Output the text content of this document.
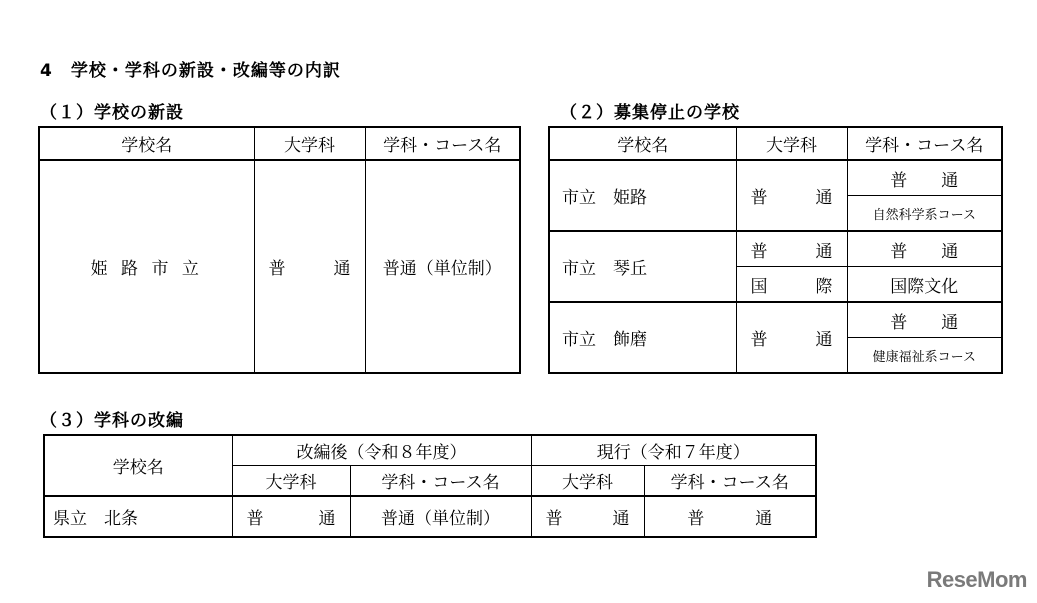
4　学校・学科の新設・改編等の内訳
（１）学校の新設
学校名	大学科	学科・コース名
姫 路 市 立	普 通	普通（単位制）
（２）募集停止の学校
学校名	大学科	学科・コース名
市立　姫路	普 通	普　　通
		自然科学系コース
市立　琴丘	普 通	普　　通

	国 際	国際文化
市立　飾磨	普 通	普　　通
		健康福祉系コース
（３）学科の改編
学校名	改編後（令和８年度）		現行（令和７年度）	
	大学科	学科・コース名	大学科	学科・コース名
県立　北条	普 通	普通（単位制）	普 通	普　　　通
ReseMom
